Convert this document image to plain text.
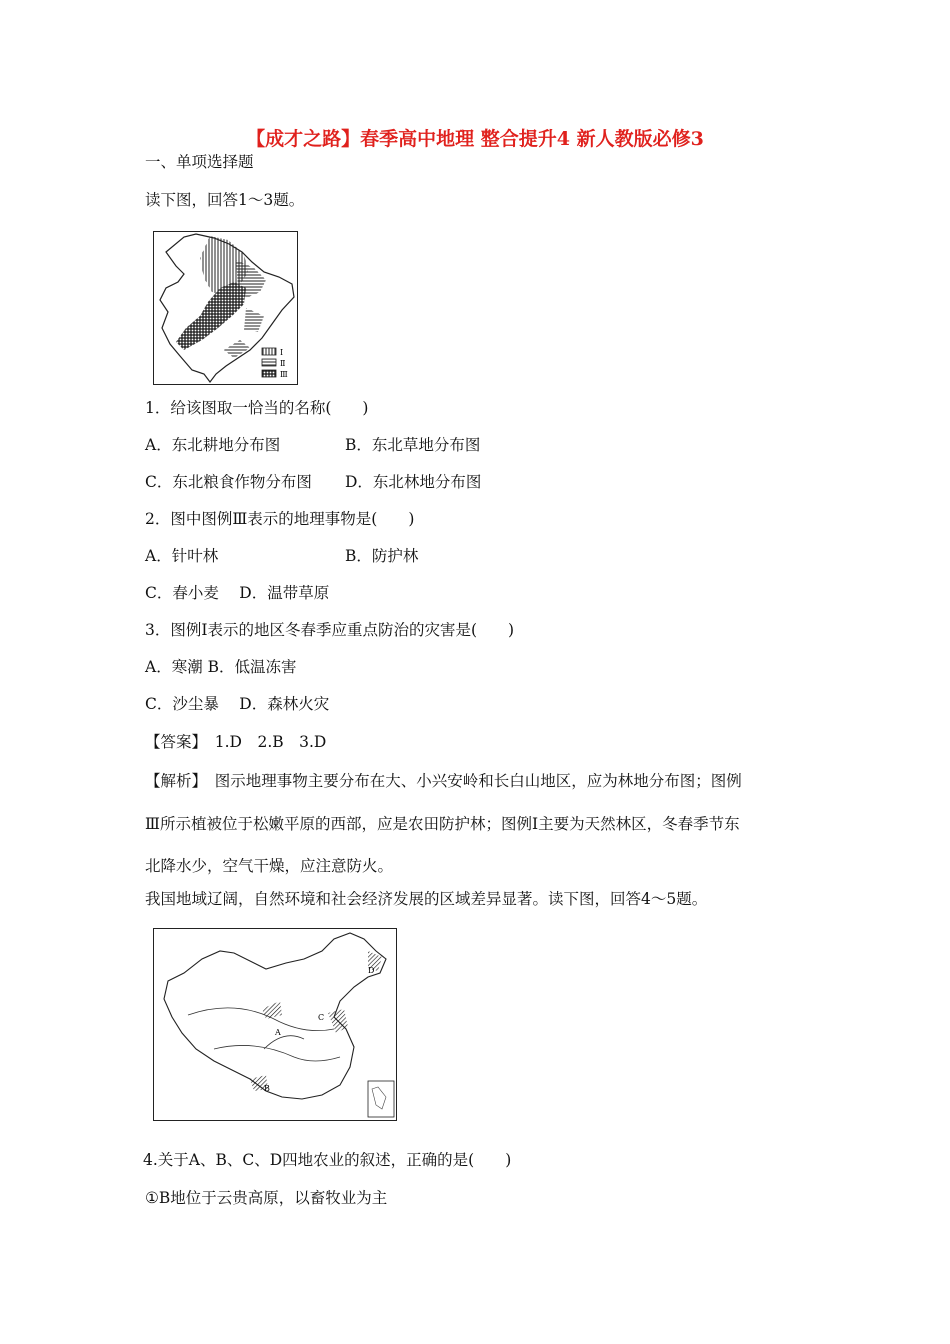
【成才之路】春季高中地理 整合提升4 新人教版必修3
一、单项选择题
读下图，回答1～3题。
Ⅰ
Ⅱ
Ⅲ
1．给该图取一恰当的名称(　　)
A．东北耕地分布图	B．东北草地分布图
C．东北粮食作物分布图 D．东北林地分布图
2．图中图例Ⅲ表示的地理事物是(　　)
A．针叶林	B．防护林
C．春小麦　 D．温带草原
3．图例Ⅰ表示的地区冬春季应重点防治的灾害是(　　)
A．寒潮 B．低温冻害
C．沙尘暴　 D．森林火灾
【答案】　1.D　2.B　3.D
【解析】　图示地理事物主要分布在大、小兴安岭和长白山地区，应为林地分布图；图例
Ⅲ所示植被位于松嫩平原的西部，应是农田防护林；图例Ⅰ主要为天然林区，冬春季节东
北降水少，空气干燥，应注意防火。
我国地域辽阔，自然环境和社会经济发展的区域差异显著。读下图，回答4～5题。
A
B
C
D
4.关于A、B、C、D四地农业的叙述，正确的是(　　)
①B地位于云贵高原，以畜牧业为主
